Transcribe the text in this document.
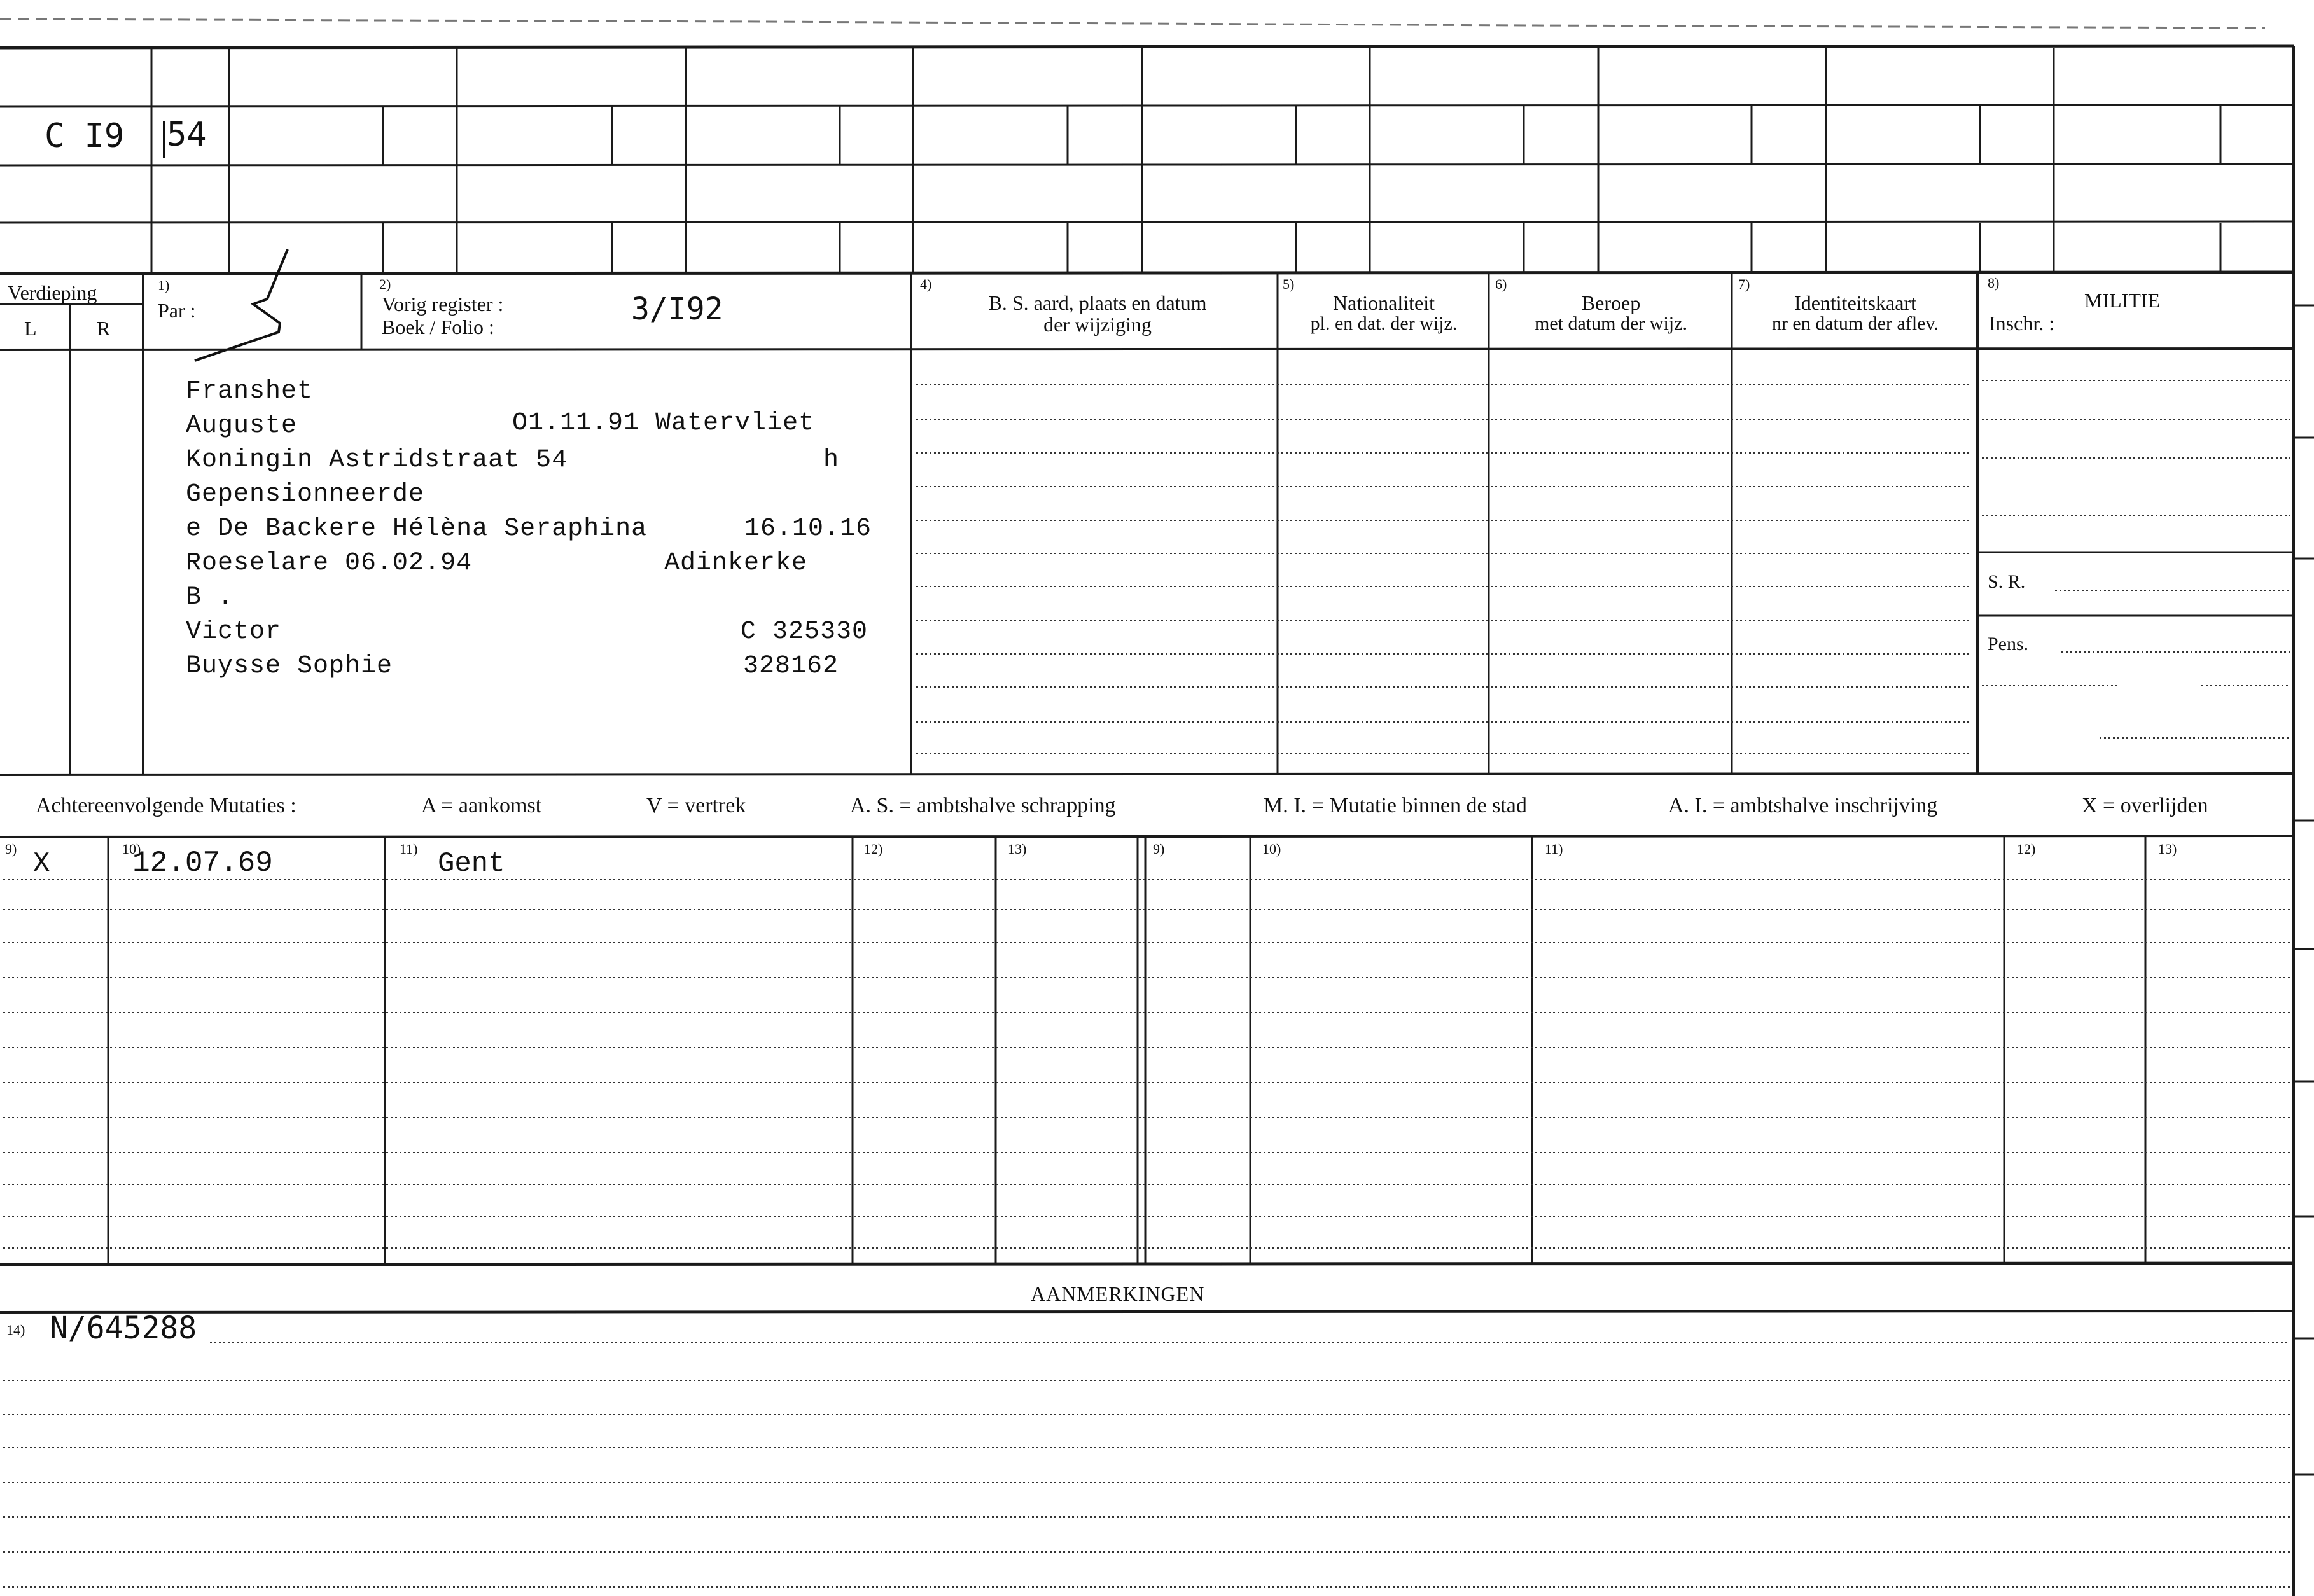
C I9 54
Verdieping
L	R
1)
Par :
2)
Vorig register :
Boek / Folio :	3/I92
4)
B. S. aard, plaats en datum
der wijziging
5)
Nationaliteit
pl. en dat. der wijz.
6)
Beroep
met datum der wijz.
7)
Identiteitskaart
nr en datum der aflev.
8)
MILITIE
Inschr. :
S. R.
Pens.
Franshet
Auguste	O1.11.91 Watervliet
Koningin Astridstraat 54	h
Gepensionneerde
e De Backere Hélèna Seraphina	16.10.16
Roeselare 06.02.94	Adinkerke
B .
Victor	C 325330
Buysse Sophie	328162
Achtereenvolgende Mutaties :	A = aankomst	V = vertrek	A. S. = ambtshalve schrapping	M. I. = Mutatie binnen de stad	A. I. = ambtshalve inschrijving	X = overlijden
9)	10)	11)	12)	13)	9)	10)	11)	12)	13)
X	12.07.69	Gent
AANMERKINGEN
14) N/645288
